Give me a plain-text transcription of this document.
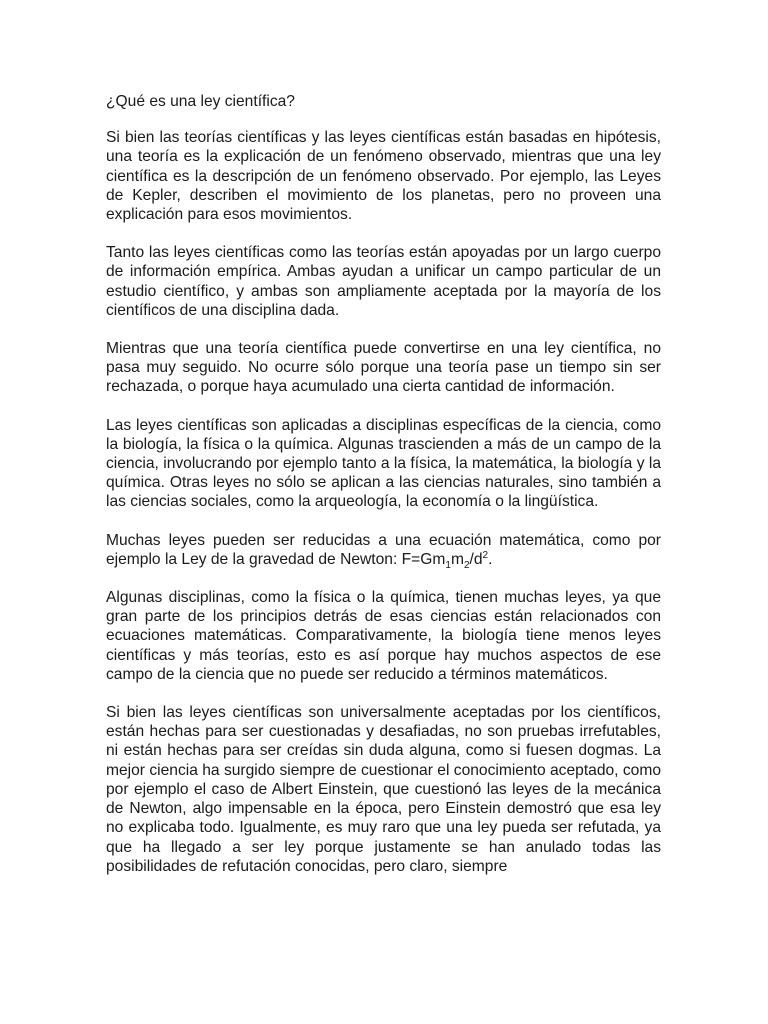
¿Qué es una ley científica?

Si bien las teorías científicas y las leyes científicas están basadas en hipótesis, una teoría es la explicación de un fenómeno observado, mientras que una ley científica es la descripción de un fenómeno observado. Por ejemplo, las Leyes de Kepler, describen el movimiento de los planetas, pero no proveen una explicación para esos movimientos.

Tanto las leyes científicas como las teorías están apoyadas por un largo cuerpo de información empírica. Ambas ayudan a unificar un campo particular de un estudio científico, y ambas son ampliamente aceptada por la mayoría de los científicos de una disciplina dada.

Mientras que una teoría científica puede convertirse en una ley científica, no pasa muy seguido. No ocurre sólo porque una teoría pase un tiempo sin ser rechazada, o porque haya acumulado una cierta cantidad de información.

Las leyes científicas son aplicadas a disciplinas específicas de la ciencia, como la biología, la física o la química. Algunas trascienden a más de un campo de la ciencia, involucrando por ejemplo tanto a la física, la matemática, la biología y la química. Otras leyes no sólo se aplican a las ciencias naturales, sino también a las ciencias sociales, como la arqueología, la economía o la lingüística.

Muchas leyes pueden ser reducidas a una ecuación matemática, como por ejemplo la Ley de la gravedad de Newton: $F=Gm_1m_2/d^2$.

Algunas disciplinas, como la física o la química, tienen muchas leyes, ya que gran parte de los principios detrás de esas ciencias están relacionados con ecuaciones matemáticas. Comparativamente, la biología tiene menos leyes científicas y más teorías, esto es así porque hay muchos aspectos de ese campo de la ciencia que no puede ser reducido a términos matemáticos.

Si bien las leyes científicas son universalmente aceptadas por los científicos, están hechas para ser cuestionadas y desafiadas, no son pruebas irrefutables, ni están hechas para ser creídas sin duda alguna, como si fuesen dogmas. La mejor ciencia ha surgido siempre de cuestionar el conocimiento aceptado, como por ejemplo el caso de Albert Einstein, que cuestionó las leyes de la mecánica de Newton, algo impensable en la época, pero Einstein demostró que esa ley no explicaba todo. Igualmente, es muy raro que una ley pueda ser refutada, ya que ha llegado a ser ley porque justamente se han anulado todas las posibilidades de refutación conocidas, pero claro, siempre
